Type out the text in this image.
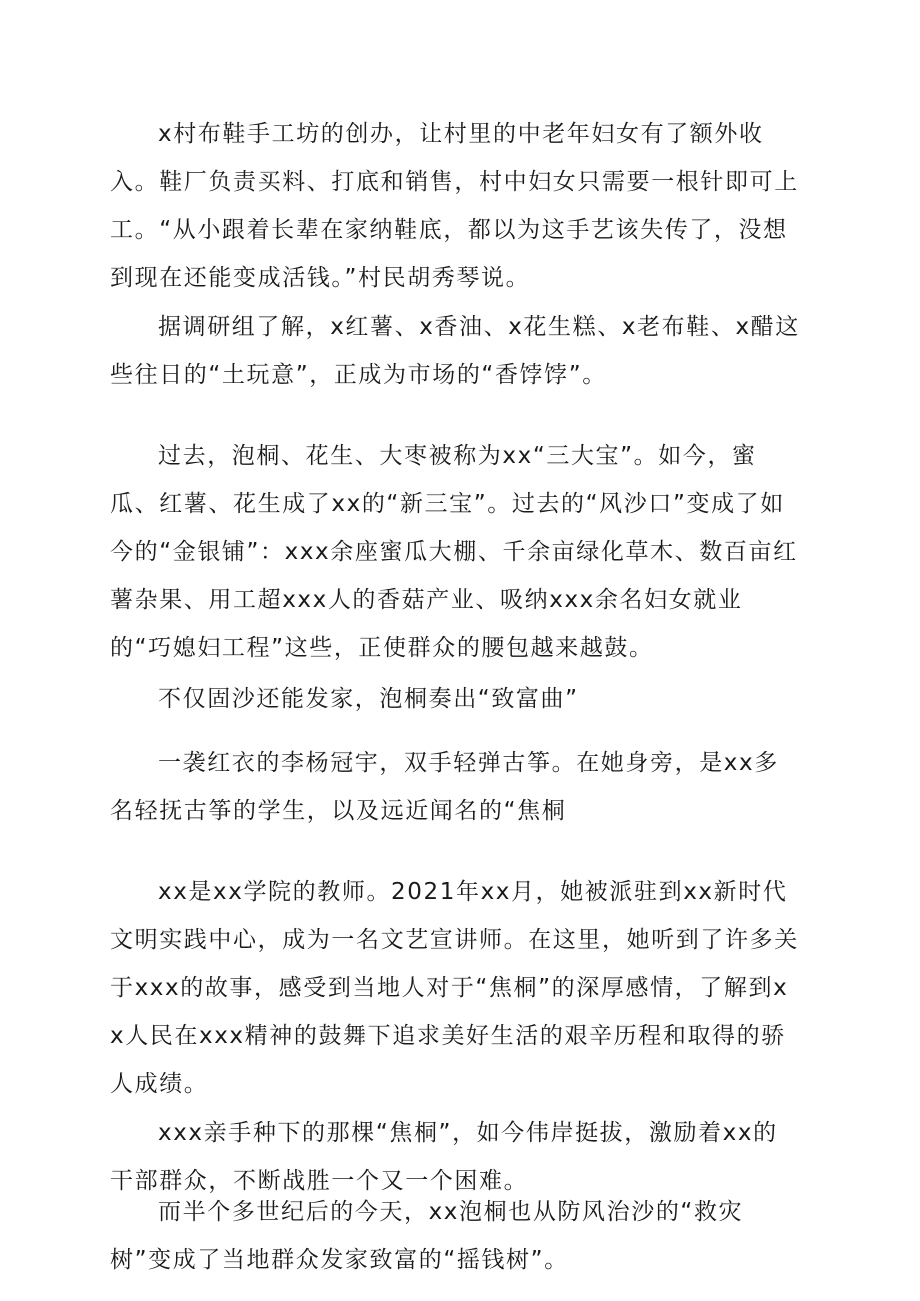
x村布鞋手工坊的创办，让村里的中老年妇女有了额外收入。鞋厂负责买料、打底和销售，村中妇女只需要一根针即可上工。“从小跟着长辈在家纳鞋底，都以为这手艺该失传了，没想到现在还能变成活钱。”村民胡秀琴说。

据调研组了解，x红薯、x香油、x花生糕、x老布鞋、x醋这些往日的“土玩意”，正成为市场的“香饽饽”。

过去，泡桐、花生、大枣被称为xx“三大宝”。如今，蜜瓜、红薯、花生成了xx的“新三宝”。过去的“风沙口”变成了如今的“金银铺”：xxx余座蜜瓜大棚、千余亩绿化草木、数百亩红薯杂果、用工超xxx人的香菇产业、吸纳xxx余名妇女就业的“巧媳妇工程”这些，正使群众的腰包越来越鼓。

不仅固沙还能发家，泡桐奏出“致富曲”

一袭红衣的李杨冠宇，双手轻弹古筝。在她身旁，是xx多名轻抚古筝的学生，以及远近闻名的“焦桐

xx是xx学院的教师。2021年xx月，她被派驻到xx新时代文明实践中心，成为一名文艺宣讲师。在这里，她听到了许多关于xxx的故事，感受到当地人对于“焦桐”的深厚感情，了解到xx人民在xxx精神的鼓舞下追求美好生活的艰辛历程和取得的骄人成绩。

xxx亲手种下的那棵“焦桐”，如今伟岸挺拔，激励着xx的干部群众，不断战胜一个又一个困难。

而半个多世纪后的今天，xx泡桐也从防风治沙的“救灾树”变成了当地群众发家致富的“摇钱树”。
